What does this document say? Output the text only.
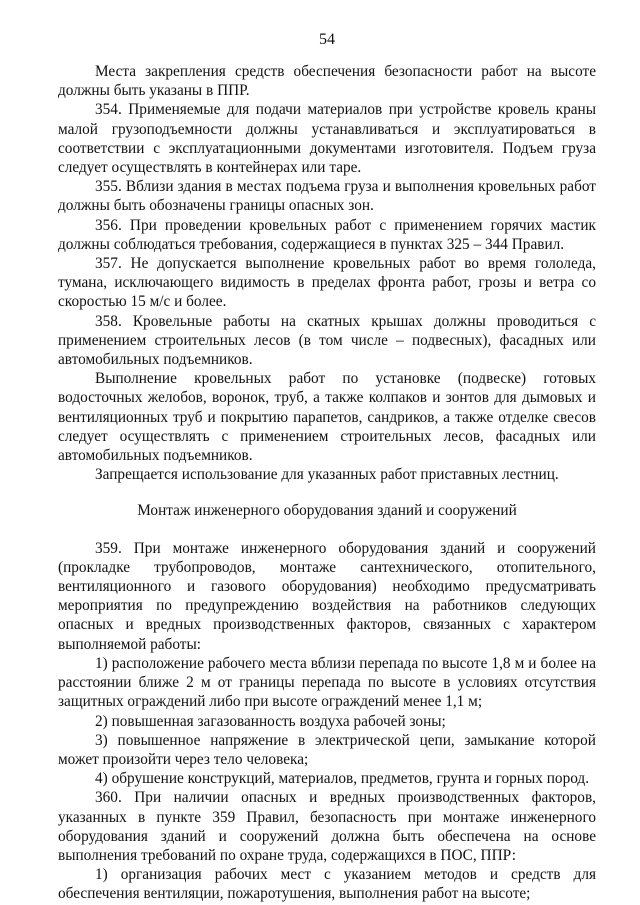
54

Места закрепления средств обеспечения безопасности работ на высоте должны быть указаны в ППР.

354. Применяемые для подачи материалов при устройстве кровель краны малой грузоподъемности должны устанавливаться и эксплуатироваться в соответствии с эксплуатационными документами изготовителя. Подъем груза следует осуществлять в контейнерах или таре.

355. Вблизи здания в местах подъема груза и выполнения кровельных работ должны быть обозначены границы опасных зон.

356. При проведении кровельных работ с применением горячих мастик должны соблюдаться требования, содержащиеся в пунктах 325 – 344 Правил.

357. Не допускается выполнение кровельных работ во время гололеда, тумана, исключающего видимость в пределах фронта работ, грозы и ветра со скоростью 15 м/с и более.

358. Кровельные работы на скатных крышах должны проводиться с применением строительных лесов (в том числе – подвесных), фасадных или автомобильных подъемников.

Выполнение кровельных работ по установке (подвеске) готовых водосточных желобов, воронок, труб, а также колпаков и зонтов для дымовых и вентиляционных труб и покрытию парапетов, сандриков, а также отделке свесов следует осуществлять с применением строительных лесов, фасадных или автомобильных подъемников.

Запрещается использование для указанных работ приставных лестниц.

Монтаж инженерного оборудования зданий и сооружений

359. При монтаже инженерного оборудования зданий и сооружений (прокладке трубопроводов, монтаже сантехнического, отопительного, вентиляционного и газового оборудования) необходимо предусматривать мероприятия по предупреждению воздействия на работников следующих опасных и вредных производственных факторов, связанных с характером выполняемой работы:

1) расположение рабочего места вблизи перепада по высоте 1,8 м и более на расстоянии ближе 2 м от границы перепада по высоте в условиях отсутствия защитных ограждений либо при высоте ограждений менее 1,1 м;

2) повышенная загазованность воздуха рабочей зоны;

3) повышенное напряжение в электрической цепи, замыкание которой может произойти через тело человека;

4) обрушение конструкций, материалов, предметов, грунта и горных пород.

360. При наличии опасных и вредных производственных факторов, указанных в пункте 359 Правил, безопасность при монтаже инженерного оборудования зданий и сооружений должна быть обеспечена на основе выполнения требований по охране труда, содержащихся в ПОС, ППР:

1) организация рабочих мест с указанием методов и средств для обеспечения вентиляции, пожаротушения, выполнения работ на высоте;
